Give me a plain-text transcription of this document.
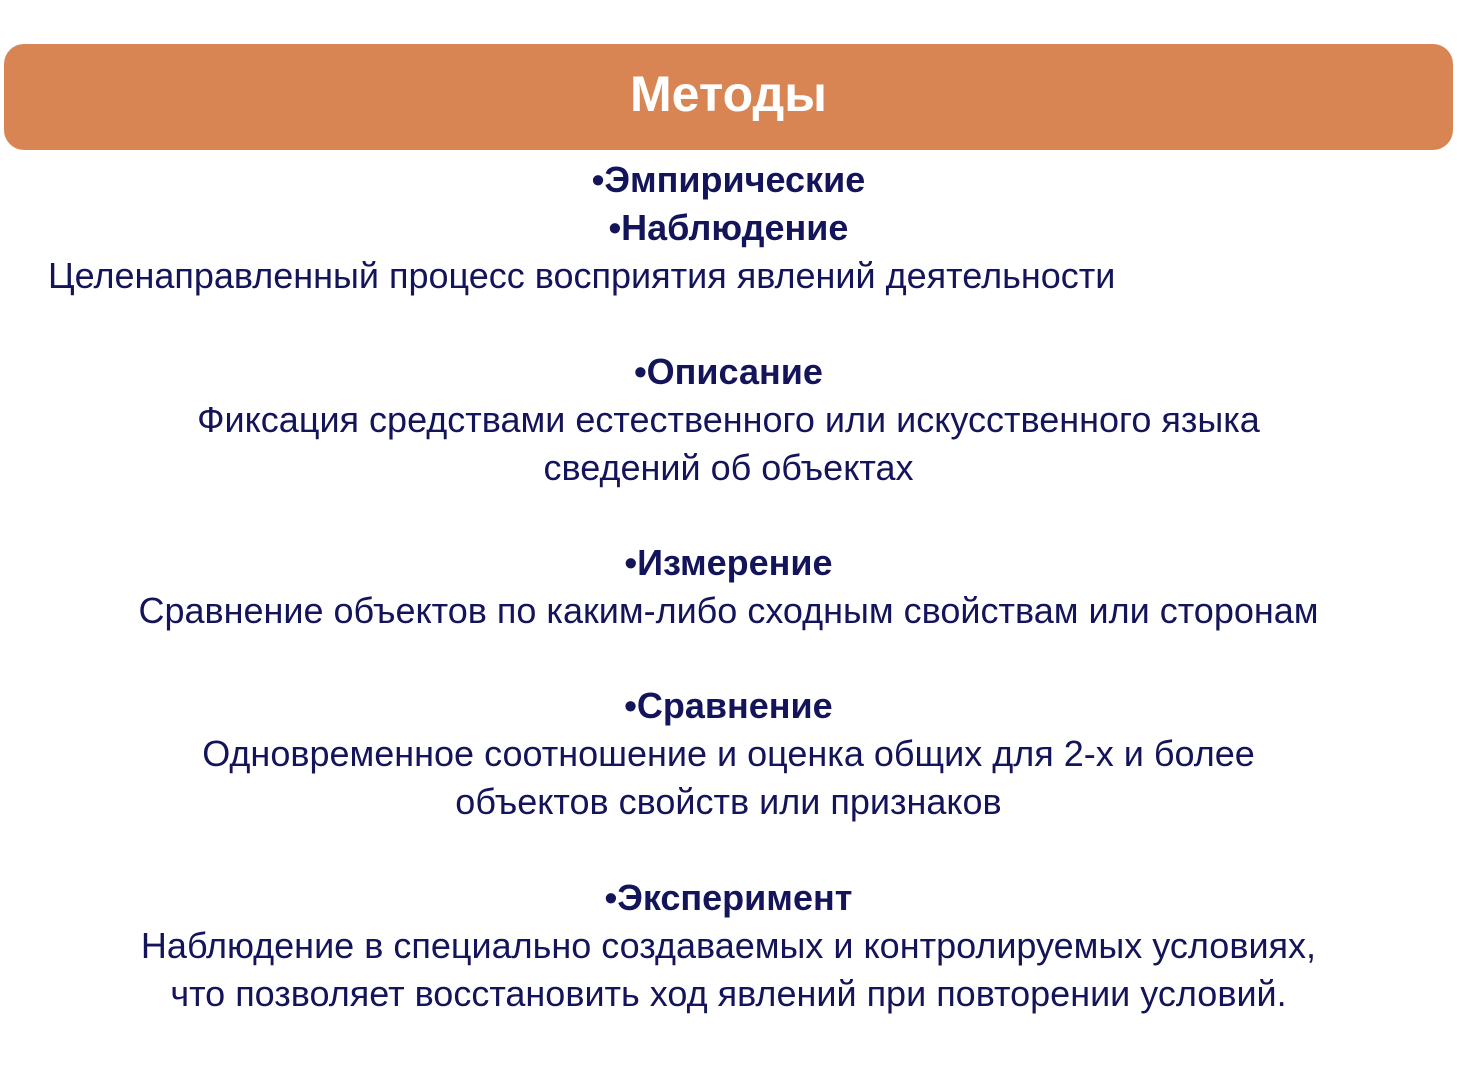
Методы
•Эмпирические
•Наблюдение
Целенаправленный процесс восприятия явлений деятельности
•Описание
Фиксация средствами естественного или искусственного языка
сведений об объектах
•Измерение
Сравнение объектов по каким-либо сходным свойствам или сторонам
•Сравнение
Одновременное соотношение и оценка общих для 2-х и более
объектов свойств или признаков
•Эксперимент
Наблюдение в специально создаваемых и контролируемых условиях,
что позволяет восстановить ход явлений при повторении условий.
